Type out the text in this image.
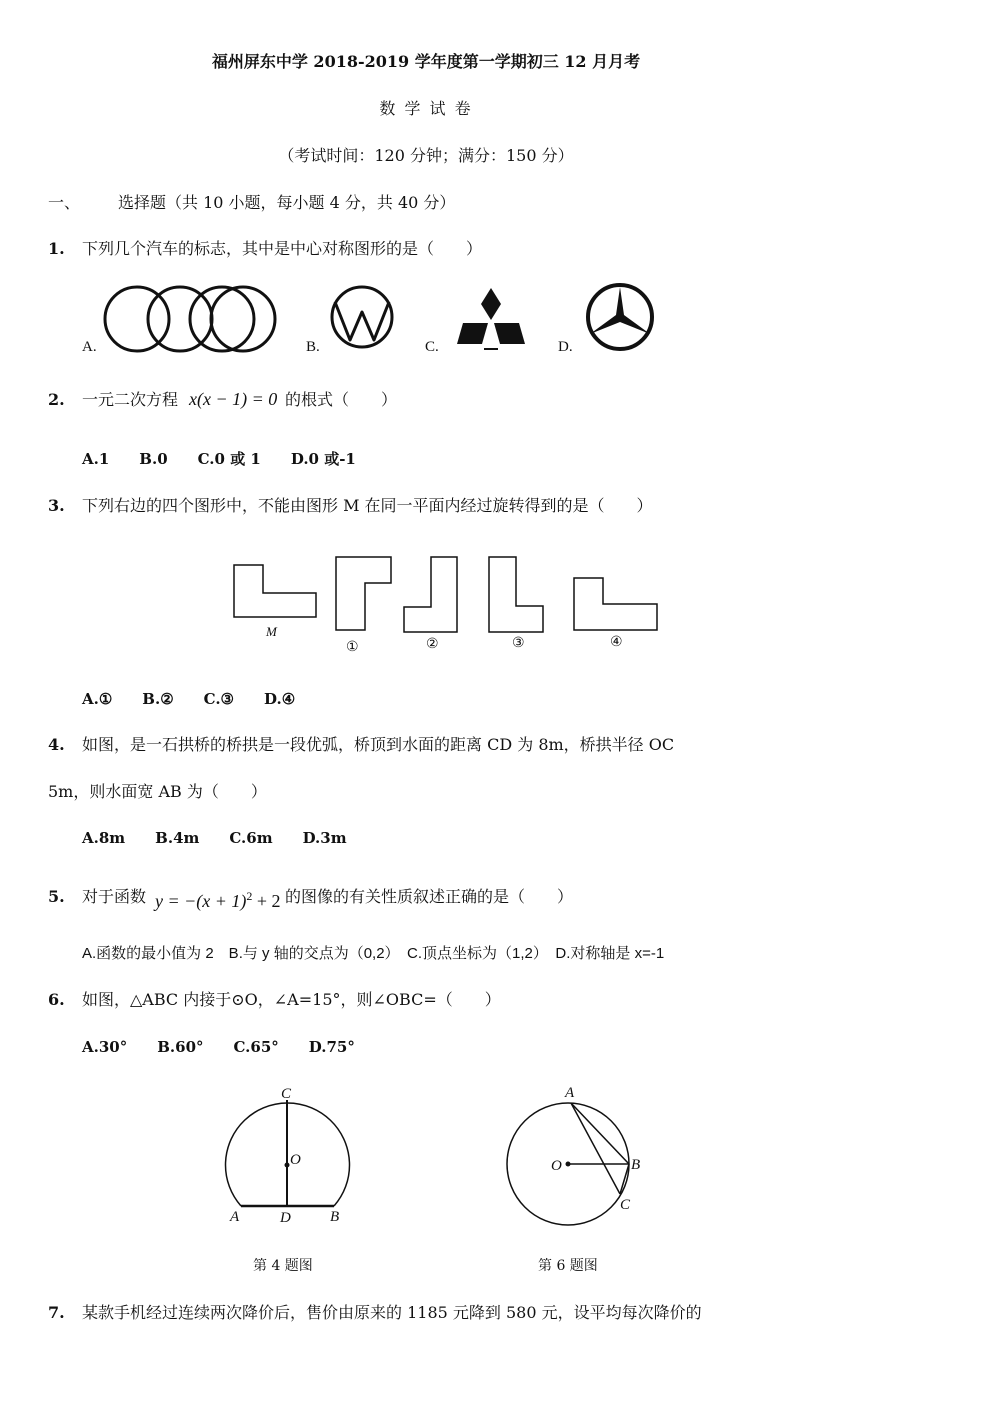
福州屏东中学 2018-2019 学年度第一学期初三 12 月月考
数 学 试 卷
（考试时间：120 分钟；满分：150 分）
一、 选择题（共 10 小题，每小题 4 分，共 40 分）
1. 下列几个汽车的标志，其中是中心对称图形的是（　　）
A.	B.	C.	D.
2. 一元二次方程 x(x − 1) = 0 的根式（　　）
A.1　　B.0　　C.0 或 1　　D.0 或-1
3. 下列右边的四个图形中，不能由图形 M 在同一平面内经过旋转得到的是（　　）
M
①	②	③	④
A.①　　B.②　　C.③　　D.④
4. 如图，是一石拱桥的桥拱是一段优弧，桥顶到水面的距离 CD 为 8m，桥拱半径 OC
5m，则水面宽 AB 为（　　）
A.8m　　B.4m　　C.6m　　D.3m
5. 对于函数 $y = -(x + 1)^2 + 2$ 的图像的有关性质叙述正确的是（　　）
A.函数的最小值为 2　B.与 y 轴的交点为（0,2）　C.顶点坐标为（1,2）　D.对称轴是 x=-1
6. 如图，△ABC 内接于⊙O，∠A=15°，则∠OBC=（　　）
A.30°　　B.60°　　C.65°　　D.75°
C
O
A	D	B
第 4 题图
A
O	B
C
第 6 题图
7. 某款手机经过连续两次降价后，售价由原来的 1185 元降到 580 元，设平均每次降价的
